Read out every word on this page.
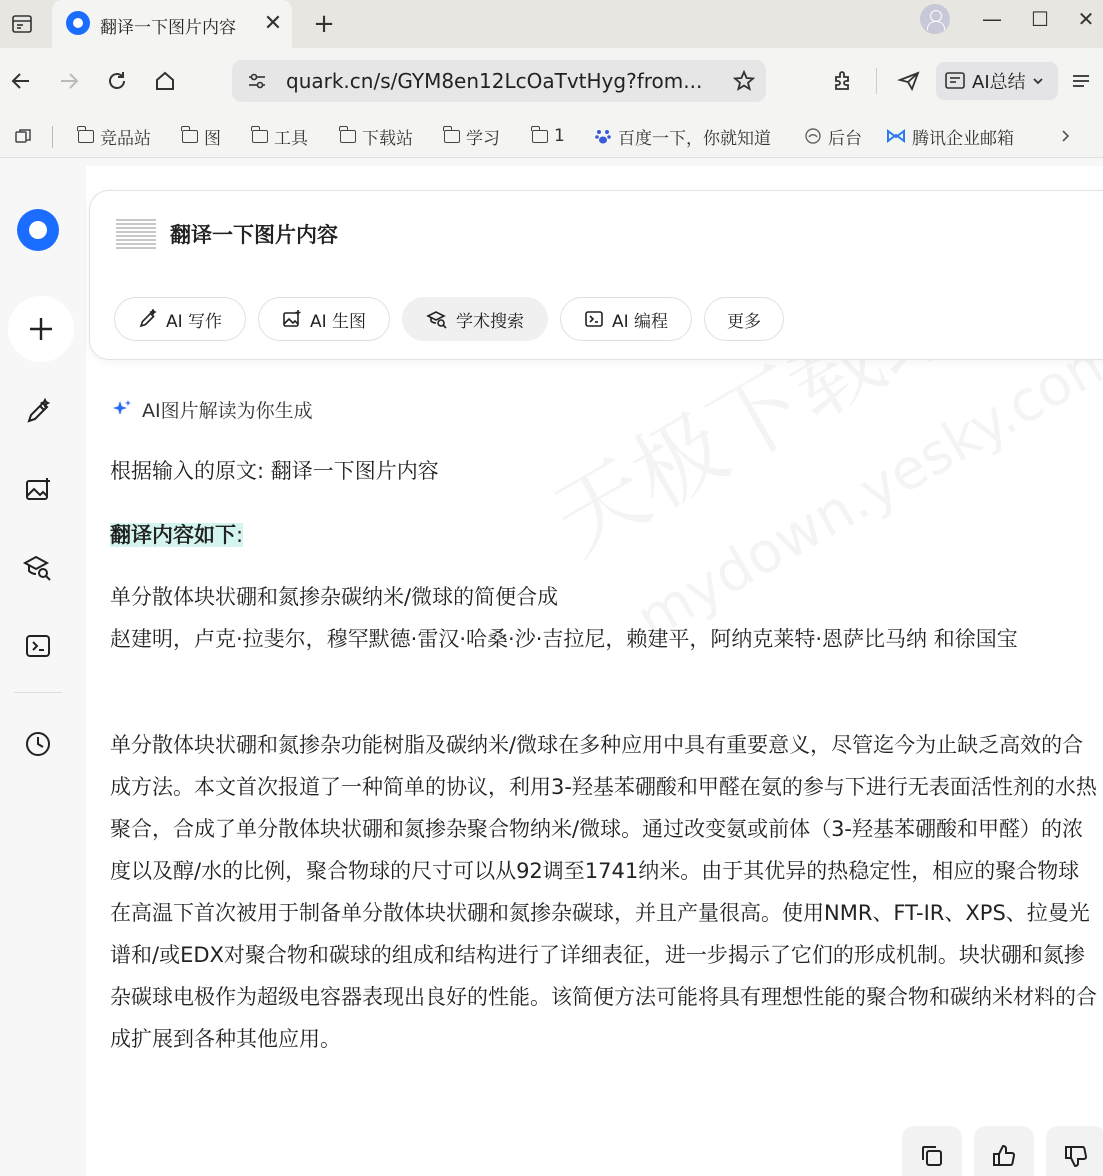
翻译一下图片内容	✕ +	—	☐	✕
quark.cn/s/GYM8en12LcOaTvtHyg?from...	AI总结
竞品站	图	工具	下载站	学习	1	百度一下，你就知道	后台	腾讯企业邮箱
翻译一下图片内容
AI 写作	AI 生图	学术搜索	AI 编程	更多
AI图片解读为你生成
根据输入的原文: 翻译一下图片内容
翻译内容如下:
单分散体块状硼和氮掺杂碳纳米/微球的简便合成
赵建明，卢克·拉斐尔，穆罕默德·雷汉·哈桑·沙·吉拉尼，赖建平，阿纳克莱特·恩萨比马纳 和徐国宝
单分散体块状硼和氮掺杂功能树脂及碳纳米/微球在多种应用中具有重要意义，尽管迄今为止缺乏高效的合成方法。本文首次报道了一种简单的协议，利用3-羟基苯硼酸和甲醛在氨的参与下进行无表面活性剂的水热聚合，合成了单分散体块状硼和氮掺杂聚合物纳米/微球。通过改变氨或前体（3-羟基苯硼酸和甲醛）的浓度以及醇/水的比例，聚合物球的尺寸可以从92调至1741纳米。由于其优异的热稳定性，相应的聚合物球在高温下首次被用于制备单分散体块状硼和氮掺杂碳球，并且产量很高。使用NMR、FT-IR、XPS、拉曼光谱和/或EDX对聚合物和碳球的组成和结构进行了详细表征，进一步揭示了它们的形成机制。块状硼和氮掺杂碳球电极作为超级电容器表现出良好的性能。该简便方法可能将具有理想性能的聚合物和碳纳米材料的合成扩展到各种其他应用。
